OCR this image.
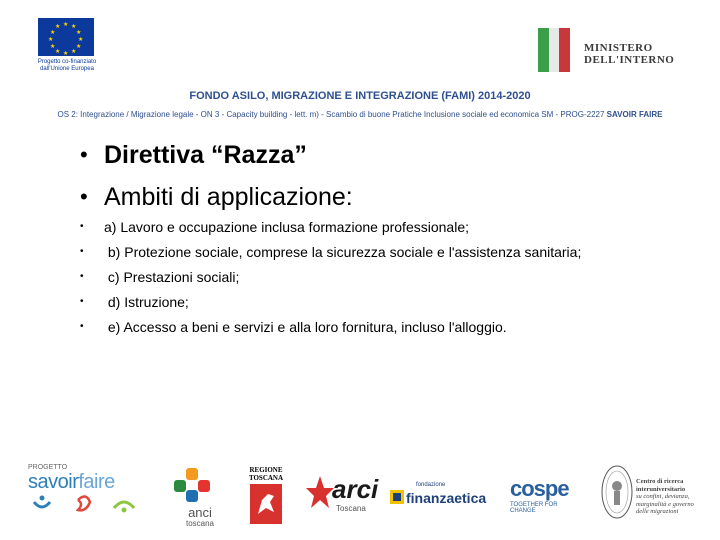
★ ★
★
★
★
★
★
★
★
★
★
★
Progetto co-finanziato
dall'Unione Europea
MINISTERO
DELL'INTERNO
FONDO ASILO, MIGRAZIONE E INTEGRAZIONE (FAMI) 2014-2020
OS 2: Integrazione / Migrazione legale - ON 3 - Capacity building - lett. m) - Scambio di buone Pratiche Inclusione sociale ed economica SM - PROG-2227 SAVOIR FAIRE
• Direttiva “Razza”
• Ambiti di applicazione:
•	a) Lavoro e occupazione inclusa formazione professionale;
•	b) Protezione sociale, comprese la sicurezza sociale e l'assistenza sanitaria;
•	c) Prestazioni sociali;
•	d) Istruzione;
•	e) Accesso a beni e servizi e alla loro fornitura, incluso l'alloggio.
PROGETTO
savoirfaire
anci
toscana
REGIONE
TOSCANA arci
Toscana
fondazione
finanzaetica cospe
TOGETHER FOR CHANGE
Centro di ricerca
interuniversitario
su confini, devianza,
marginalità e governo
delle migrazioni
